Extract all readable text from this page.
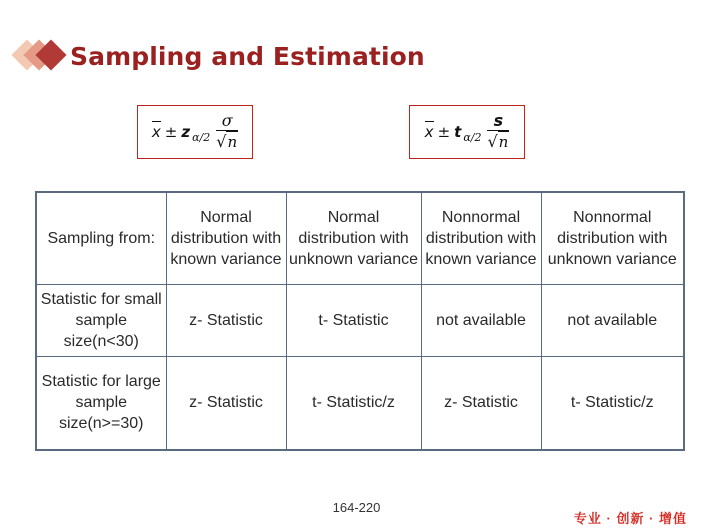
Sampling and Estimation
x ± z $\alpha/2 \frac{\sigma}{√ n}$	x ± t $\alpha/2 \frac{s}{√ n}$
Sampling from:	Normal distribution with known variance	Normal distribution with unknown variance	Nonnormal distribution with known variance	Nonnormal distribution with unknown variance
Statistic for small sample size(n<30)	z- Statistic	t- Statistic	not available	not available
Statistic for large sample size(n>=30)	z- Statistic	t- Statistic/z	z- Statistic	t- Statistic/z
164-220
专业 · 创新 · 增值
